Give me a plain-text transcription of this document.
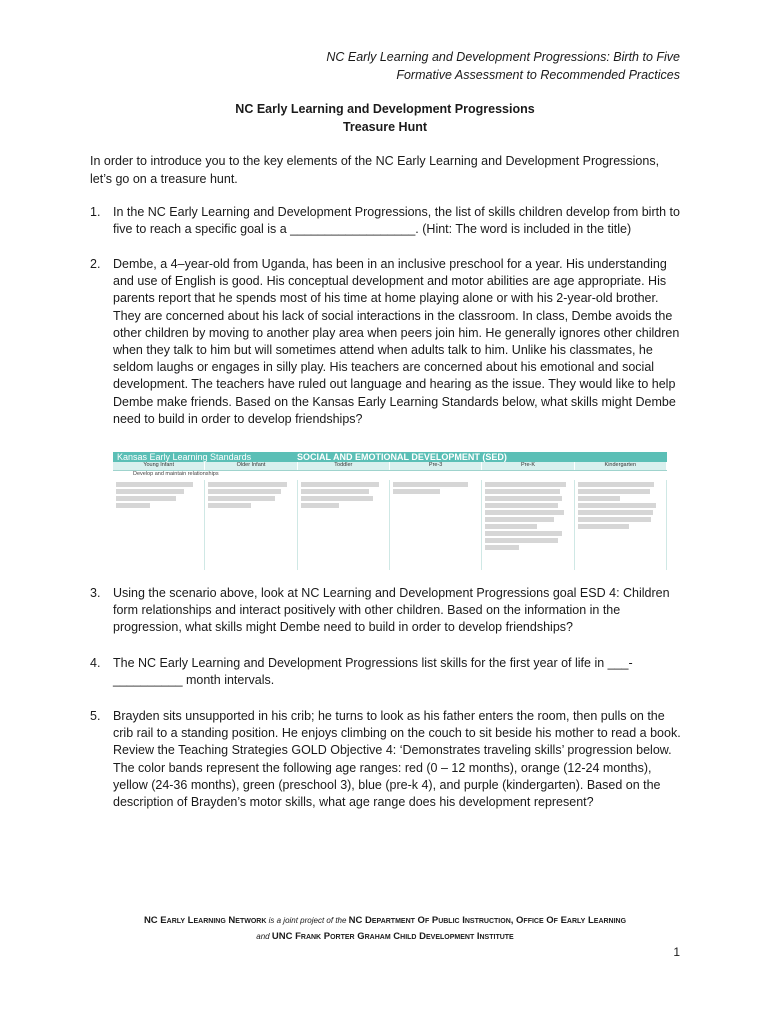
NC Early Learning and Development Progressions: Birth to Five
Formative Assessment to Recommended Practices
NC Early Learning and Development Progressions
Treasure Hunt
In order to introduce you to the key elements of the NC Early Learning and Development Progressions, let’s go on a treasure hunt.
1. In the NC Early Learning and Development Progressions, the list of skills children develop from birth to five to reach a specific goal is a __________________. (Hint: The word is included in the title)
2. Dembe, a 4–year-old from Uganda, has been in an inclusive preschool for a year. His understanding and use of English is good. His conceptual development and motor abilities are age appropriate. His parents report that he spends most of his time at home playing alone or with his 2-year-old brother. They are concerned about his lack of social interactions in the classroom. In class, Dembe avoids the other children by moving to another play area when peers join him. He generally ignores other children when they talk to him but will sometimes attend when adults talk to him. Unlike his classmates, he seldom laughs or engages in silly play. His teachers are concerned about his emotional and social development. The teachers have ruled out language and hearing as the issue. They would like to help Dembe make friends. Based on the Kansas Early Learning Standards below, what skills might Dembe need to build in order to develop friendships?
Kansas Early Learning Standards	SOCIAL AND EMOTIONAL DEVELOPMENT (SED)
Young Infant	Older Infant	Toddler	Pre-3	Pre-K	Kindergarten
Develop and maintain relationships
3. Using the scenario above, look at NC Learning and Development Progressions goal ESD 4: Children form relationships and interact positively with other children. Based on the information in the progression, what skills might Dembe need to build in order to develop friendships?
4. The NC Early Learning and Development Progressions list skills for the first year of life in ___-__________ month intervals.
5. Brayden sits unsupported in his crib; he turns to look as his father enters the room, then pulls on the crib rail to a standing position. He enjoys climbing on the couch to sit beside his mother to read a book. Review the Teaching Strategies GOLD Objective 4: ‘Demonstrates traveling skills’ progression below. The color bands represent the following age ranges: red (0 – 12 months), orange (12-24 months), yellow (24-36 months), green (preschool 3), blue (pre-k 4), and purple (kindergarten). Based on the description of Brayden’s motor skills, what age range does his development represent?
NC Early Learning Network is a joint project of the NC Department Of Public Instruction, Office Of Early Learning
and UNC Frank Porter Graham Child Development Institute
1
